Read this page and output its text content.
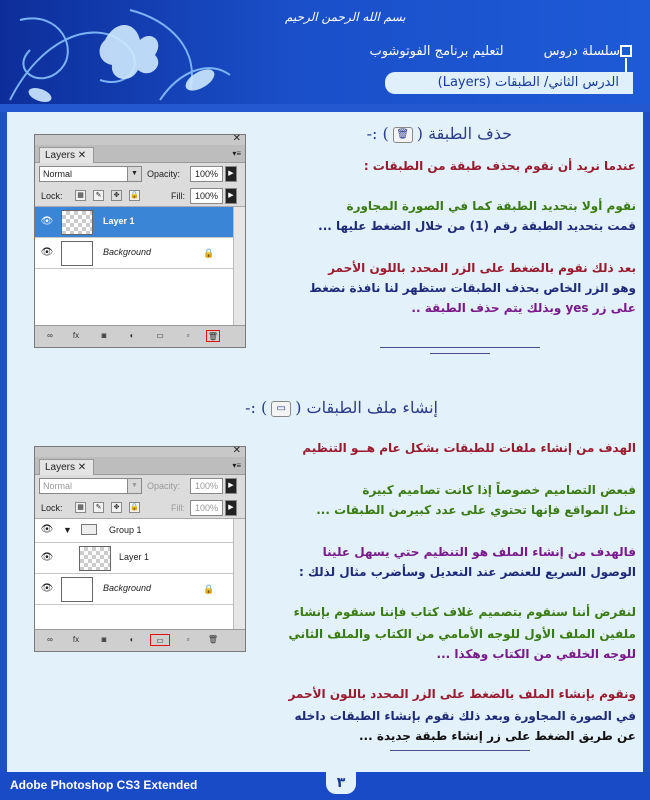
بسم الله الرحمن الرحيم
سلسلة دروسلتعليم برنامج الفوتوشوب
الدرس الثاني/ الطبقات (Layers)
حذف الطبقة (🗑) :-
عندما نريد أن نقوم بحذف طبقة من الطبقات :
نقوم أولا بتحديد الطبقة كما في الصورة المجاورة
قمت بتحديد الطبقة رقم (1) من خلال الضغط عليها ...
بعد ذلك نقوم بالضغط على الزر المحدد باللون الأحمر
وهو الزر الخاص بحذف الطبقات ستظهر لنا نافذة نضغط
على زر yes وبذلك يتم حذف الطبقة ..
✕
Layers ✕	▾≡
Normal	▼	Opacity:	100%	▶
Lock:	▦	✎	✥	🔒	Fill:	100%	▶
👁	Layer 1
👁	Background	🔒
∞	fx	◙	◐	▭	▫	🗑
إنشاء ملف الطبقات (▭) :-
الهدف من إنشاء ملفات للطبقات بشكل عام هــو التنظيم
فبعض التصاميم خصوصاً إذا كانت تصاميم كبيرة
مثل المواقع فإنها تحتوي على عدد كبيرمن الطبقات ...
فالهدف من إنشاء الملف هو التنظيم حتي يسهل علينا
الوصول السريع للعنصر عند التعديل وسأضرب مثال لذلك :
لنفرض أننا سنقوم بتصميم غلاف كتاب فإننا سنقوم بإنشاء
ملفين الملف الأول للوجه الأمامي من الكتاب والملف الثاني
للوجه الخلفي من الكتاب وهكذا ...
ونقوم بإنشاء الملف بالضغط على الزر المحدد باللون الأحمر
في الصورة المجاورة وبعد ذلك نقوم بإنشاء الطبقات داخله
عن طريق الضغط على زر إنشاء طبقة جديدة ...
✕
Layers ✕	▾≡
Normal	▼	Opacity:	100%	▶
Lock:	▦	✎	✥	🔒	Fill:	100%	▶
👁	▼	Group 1
👁	Layer 1
👁	Background	🔒
∞	fx	◙	◐	▭	▫	🗑
Adobe Photoshop CS3 Extended	٣
